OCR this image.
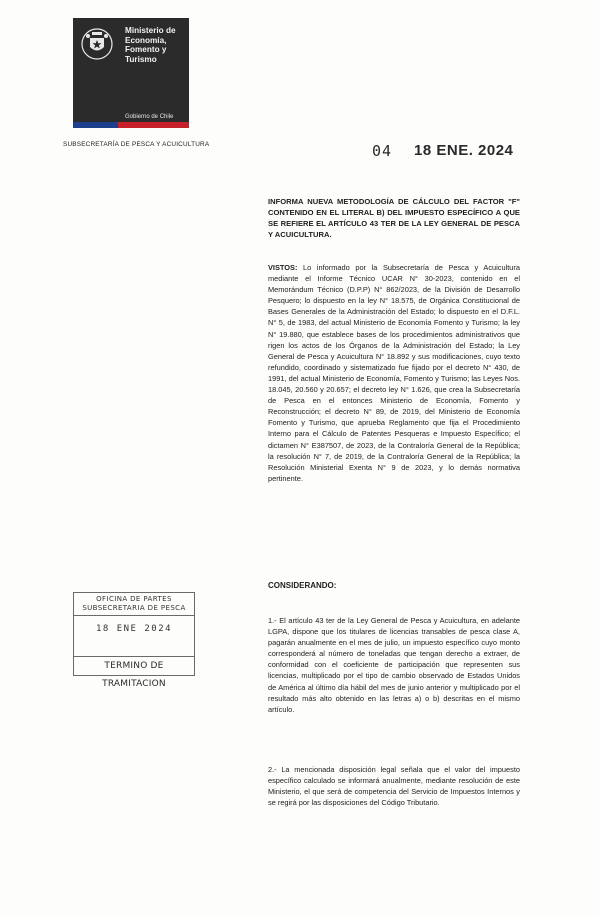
Ministerio de
Economía,
Fomento y
Turismo
Gobierno de Chile
SUBSECRETARÍA DE PESCA Y ACUICULTURA	04 18 ENE. 2024
INFORMA NUEVA METODOLOGÍA DE CÁLCULO DEL FACTOR "F" CONTENIDO EN EL LITERAL B) DEL IMPUESTO ESPECÍFICO A QUE SE REFIERE EL ARTÍCULO 43 TER DE LA LEY GENERAL DE PESCA Y ACUICULTURA.
VISTOS: Lo informado por la Subsecretaría de Pesca y Acuicultura mediante el Informe Técnico UCAR N° 30-2023, contenido en el Memorándum Técnico (D.P.P) N° 862/2023, de la División de Desarrollo Pesquero; lo dispuesto en la ley N° 18.575, de Orgánica Constitucional de Bases Generales de la Administración del Estado; lo dispuesto en el D.F.L. N° 5, de 1983, del actual Ministerio de Economía Fomento y Turismo; la ley N° 19.880, que establece bases de los procedimientos administrativos que rigen los actos de los Órganos de la Administración del Estado; la Ley General de Pesca y Acuicultura N° 18.892 y sus modificaciones, cuyo texto refundido, coordinado y sistematizado fue fijado por el decreto N° 430, de 1991, del actual Ministerio de Economía, Fomento y Turismo; las Leyes Nos. 18.045, 20.560 y 20.657; el decreto ley N° 1.626, que crea la Subsecretaría de Pesca en el entonces Ministerio de Economía, Fomento y Reconstrucción; el decreto N° 89, de 2019, del Ministerio de Economía Fomento y Turismo, que aprueba Reglamento que fija el Procedimiento Interno para el Cálculo de Patentes Pesqueras e Impuesto Específico; el dictamen N° E387507, de 2023, de la Contraloría General de la República; la resolución N° 7, de 2019, de la Contraloría General de la República; la Resolución Ministerial Exenta N° 9 de 2023, y lo demás normativa pertinente.
OFICINA DE PARTES
SUBSECRETARIA DE PESCA
18 ENE 2024
TERMINO DE TRAMITACION
CONSIDERANDO:
1.- El artículo 43 ter de la Ley General de Pesca y Acuicultura, en adelante LGPA, dispone que los titulares de licencias transables de pesca clase A, pagarán anualmente en el mes de julio, un impuesto específico cuyo monto corresponderá al número de toneladas que tengan derecho a extraer, de conformidad con el coeficiente de participación que representen sus licencias, multiplicado por el tipo de cambio observado de Estados Unidos de América al último día hábil del mes de junio anterior y multiplicado por el resultado más alto obtenido en las letras a) o b) descritas en el mismo artículo.
2.- La mencionada disposición legal señala que el valor del impuesto específico calculado se informará anualmente, mediante resolución de este Ministerio, el que será de competencia del Servicio de Impuestos Internos y se regirá por las disposiciones del Código Tributario.
